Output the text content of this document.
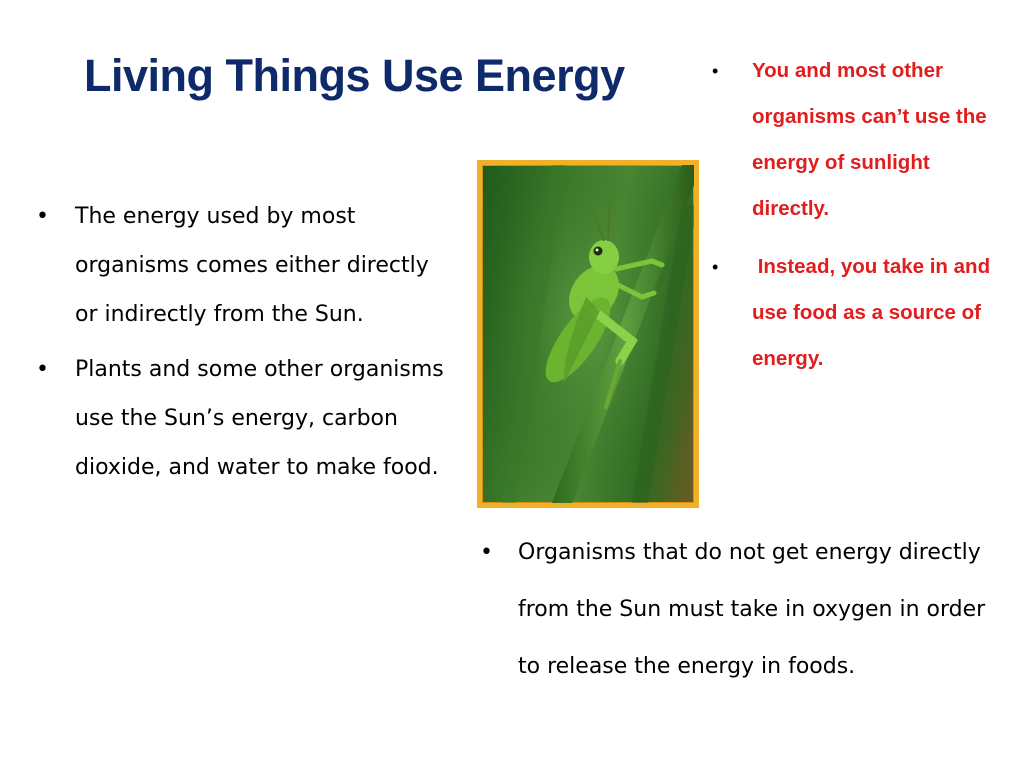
Living Things Use Energy
• The energy used by most organisms comes either directly or indirectly from the Sun.
• Plants and some other organisms use the Sun’s energy, carbon dioxide, and water to make food.
• You and most other organisms can’t use the energy of sunlight directly.
• Instead, you take in and use food as a source of energy.
• Organisms that do not get energy directly from the Sun must take in oxygen in order to release the energy in foods.
